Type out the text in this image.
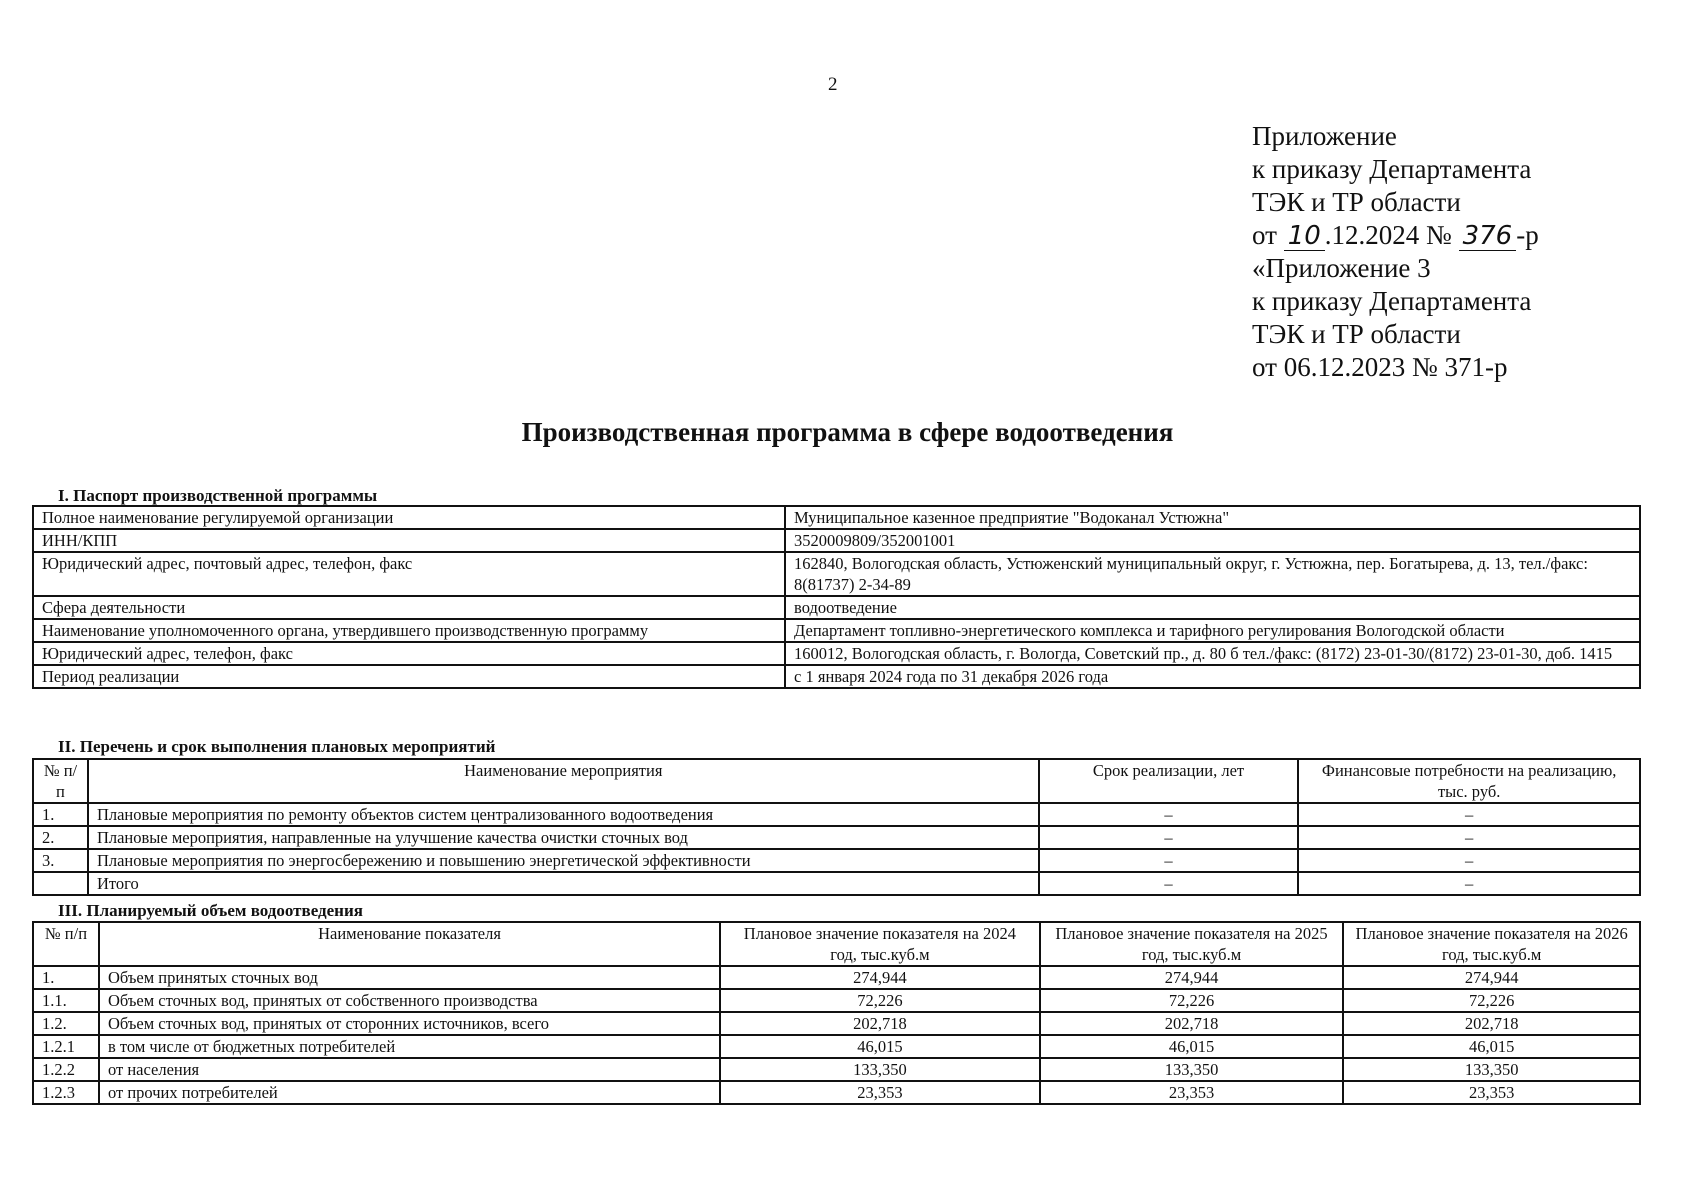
2
Приложение
к приказу Департамента
ТЭК и ТР области
от 10 .12.2024 № 376 -р
«Приложение 3
к приказу Департамента
ТЭК и ТР области
от 06.12.2023 № 371-р
Производственная программа в сфере водоотведения
I. Паспорт производственной программы
Полное наименование регулируемой организации	Муниципальное казенное предприятие "Водоканал Устюжна"
ИНН/КПП	3520009809/352001001
Юридический адрес, почтовый адрес, телефон, факс	162840, Вологодская область, Устюженский муниципальный округ, г. Устюжна, пер. Богатырева, д. 13, тел./факс: 8(81737) 2-34-89
Сфера деятельности	водоотведение
Наименование уполномоченного органа, утвердившего производственную программу	Департамент топливно-энергетического комплекса и тарифного регулирования Вологодской области
Юридический адрес, телефон, факс	160012, Вологодская область, г. Вологда, Советский пр., д. 80 б тел./факс: (8172) 23-01-30/(8172) 23-01-30, доб. 1415
Период реализации	с 1 января 2024 года по 31 декабря 2026 года
II. Перечень и срок выполнения плановых мероприятий
№ п/п	Наименование мероприятия	Срок реализации, лет	Финансовые потребности на реализацию, тыс. руб.
1.	Плановые мероприятия по ремонту объектов систем централизованного водоотведения	–	–
2.	Плановые мероприятия, направленные на улучшение качества очистки сточных вод	–	–
3.	Плановые мероприятия по энергосбережению и повышению энергетической эффективности	–	–
	Итого	–	–
III. Планируемый объем водоотведения
№ п/п	Наименование показателя	Плановое значение показателя на 2024 год, тыс.куб.м	Плановое значение показателя на 2025 год, тыс.куб.м	Плановое значение показателя на 2026 год, тыс.куб.м
1.	Объем принятых сточных вод	274,944	274,944	274,944
1.1.	Объем сточных вод, принятых от собственного производства	72,226	72,226	72,226
1.2.	Объем сточных вод, принятых от сторонних источников, всего	202,718	202,718	202,718
1.2.1	в том числе от бюджетных потребителей	46,015	46,015	46,015
1.2.2	от населения	133,350	133,350	133,350
1.2.3	от прочих потребителей	23,353	23,353	23,353
